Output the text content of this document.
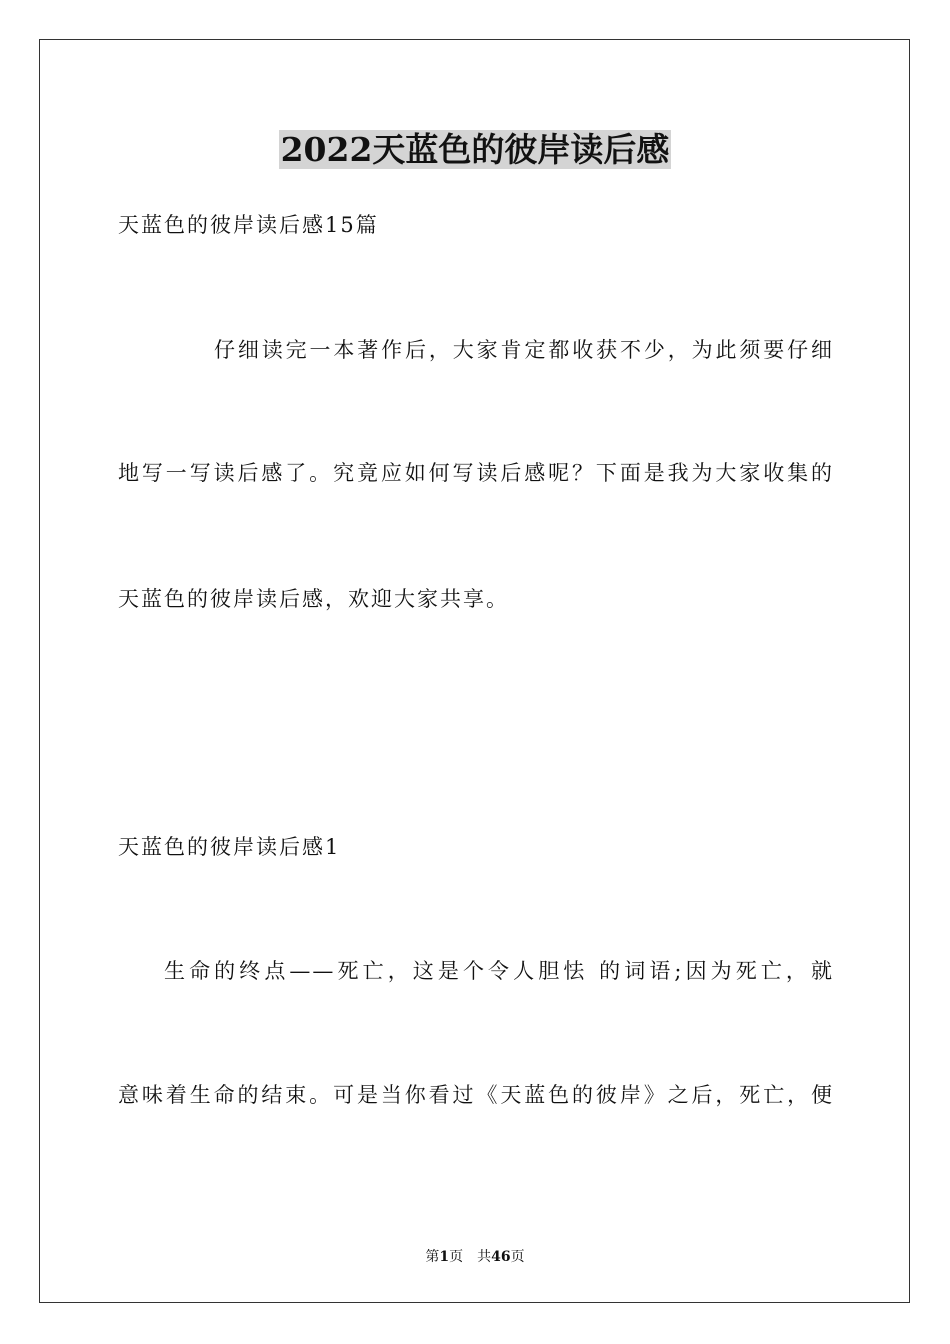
2022天蓝色的彼岸读后感

天蓝色的彼岸读后感15篇

仔细读完一本著作后，大家肯定都收获不少，为此须要仔细

地写一写读后感了。究竟应如何写读后感呢？下面是我为大家收集的

天蓝色的彼岸读后感，欢迎大家共享。

天蓝色的彼岸读后感1

生命的终点——死亡，这是个令人胆怯 的词语;因为死亡，就

意味着生命的结束。可是当你看过《天蓝色的彼岸》之后，死亡，便

第1页　共46页
